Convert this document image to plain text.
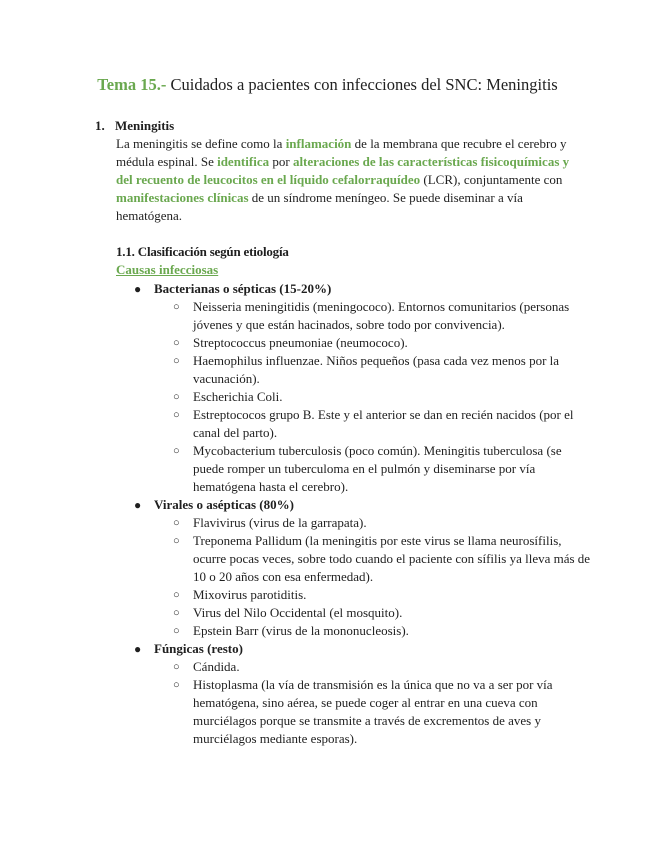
Tema 15.- Cuidados a pacientes con infecciones del SNC: Meningitis
1. Meningitis
La meningitis se define como la inflamación de la membrana que recubre el cerebro y médula espinal. Se identifica por alteraciones de las características fisicoquímicas y del recuento de leucocitos en el líquido cefalorraquídeo (LCR), conjuntamente con manifestaciones clínicas de un síndrome meníngeo. Se puede diseminar a vía hematógena.
1.1. Clasificación según etiología
Causas infecciosas
● Bacterianas o sépticas (15-20%)
○ Neisseria meningitidis (meningococo). Entornos comunitarios (personas jóvenes y que están hacinados, sobre todo por convivencia).
○ Streptococcus pneumoniae (neumococo).
○ Haemophilus influenzae. Niños pequeños (pasa cada vez menos por la vacunación).
○ Escherichia Coli.
○ Estreptococos grupo B. Este y el anterior se dan en recién nacidos (por el canal del parto).
○ Mycobacterium tuberculosis (poco común). Meningitis tuberculosa (se puede romper un tuberculoma en el pulmón y diseminarse por vía hematógena hasta el cerebro).
● Virales o asépticas (80%)
○ Flavivirus (virus de la garrapata).
○ Treponema Pallidum (la meningitis por este virus se llama neurosífilis, ocurre pocas veces, sobre todo cuando el paciente con sífilis ya lleva más de 10 o 20 años con esa enfermedad).
○ Mixovirus parotiditis.
○ Virus del Nilo Occidental (el mosquito).
○ Epstein Barr (virus de la mononucleosis).
● Fúngicas (resto)
○ Cándida.
○ Histoplasma (la vía de transmisión es la única que no va a ser por vía hematógena, sino aérea, se puede coger al entrar en una cueva con murciélagos porque se transmite a través de excrementos de aves y murciélagos mediante esporas).
